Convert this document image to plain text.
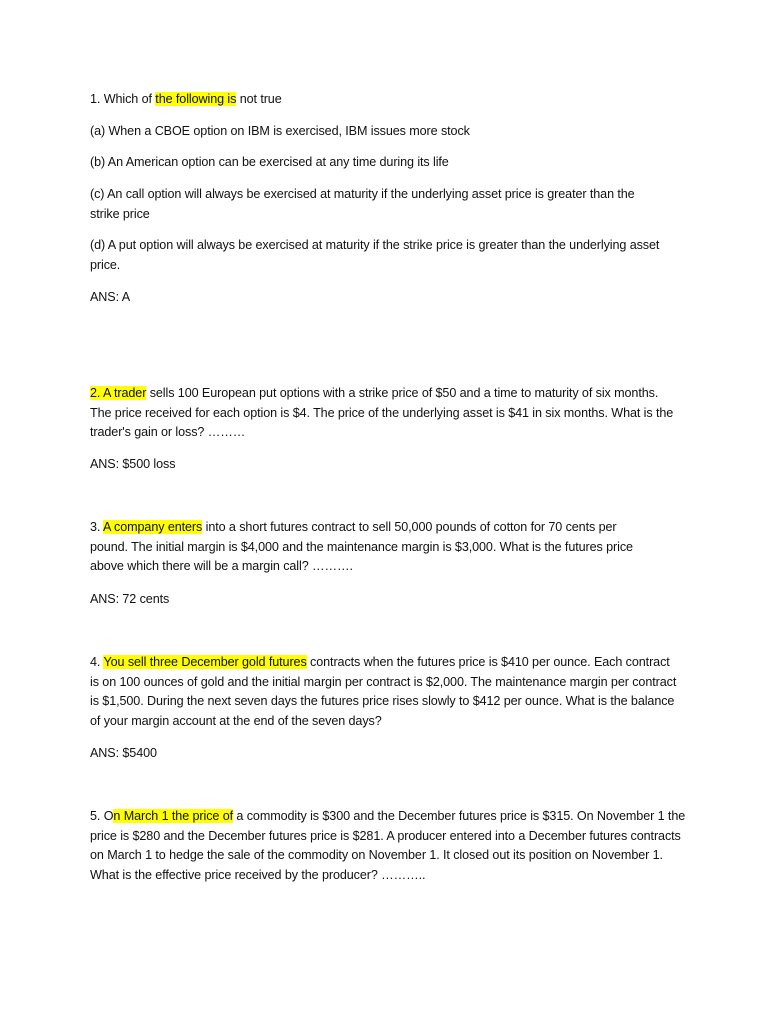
1. Which of the following is not true

(a) When a CBOE option on IBM is exercised, IBM issues more stock

(b) An American option can be exercised at any time during its life

(c) An call option will always be exercised at maturity if the underlying asset price is greater than the strike price

(d) A put option will always be exercised at maturity if the strike price is greater than the underlying asset price.

ANS: A

2. A trader sells 100 European put options with a strike price of $50 and a time to maturity of six months. The price received for each option is $4. The price of the underlying asset is $41 in six months. What is the trader's gain or loss? ………

ANS: $500 loss

3. A company enters into a short futures contract to sell 50,000 pounds of cotton for 70 cents per pound. The initial margin is $4,000 and the maintenance margin is $3,000. What is the futures price above which there will be a margin call? ……….

ANS: 72 cents

4. You sell three December gold futures contracts when the futures price is $410 per ounce. Each contract is on 100 ounces of gold and the initial margin per contract is $2,000. The maintenance margin per contract is $1,500. During the next seven days the futures price rises slowly to $412 per ounce. What is the balance of your margin account at the end of the seven days?

ANS: $5400

5. On March 1 the price of a commodity is $300 and the December futures price is $315. On November 1 the price is $280 and the December futures price is $281. A producer entered into a December futures contracts on March 1 to hedge the sale of the commodity on November 1. It closed out its position on November 1. What is the effective price received by the producer? ………..
